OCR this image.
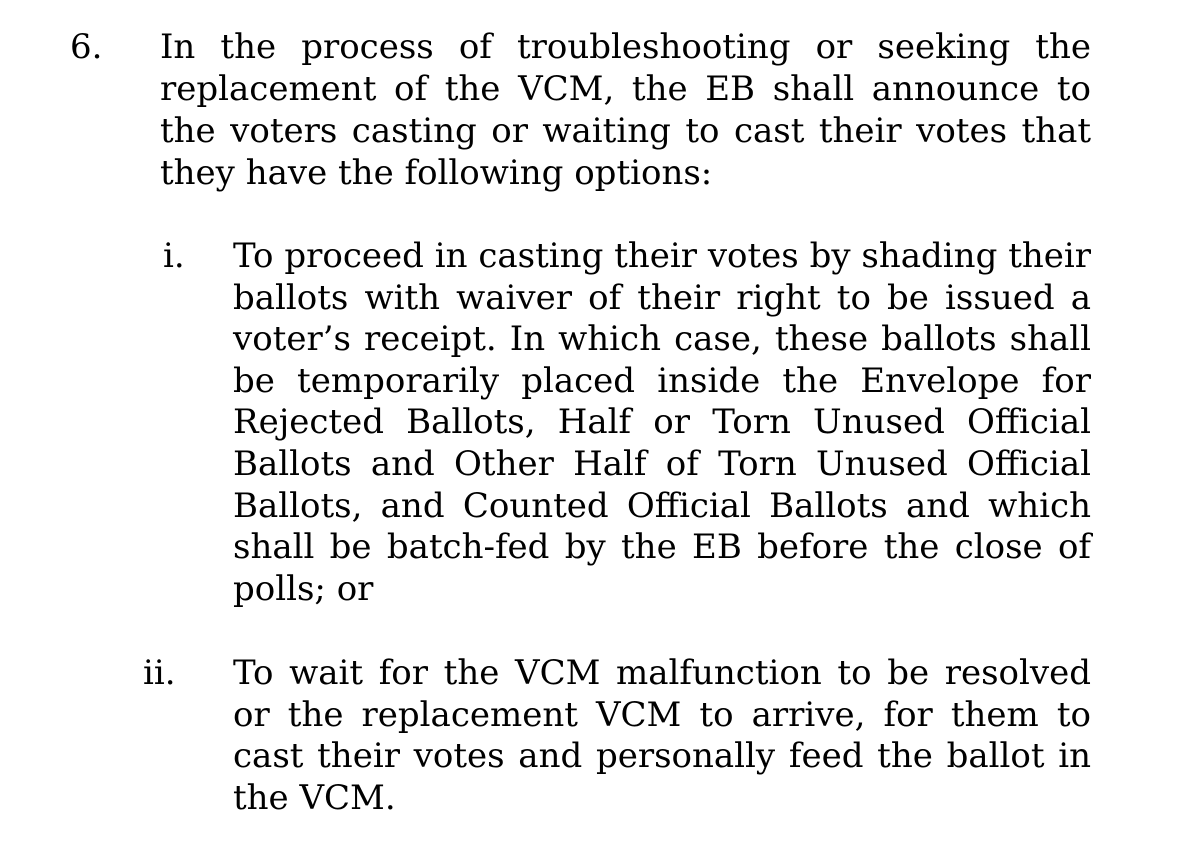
6. In the process of troubleshooting or seeking the replacement of the VCM, the EB shall announce to the voters casting or waiting to cast their votes that they have the following options:
i. To proceed in casting their votes by shading their ballots with waiver of their right to be issued a voter’s receipt. In which case, these ballots shall be temporarily placed inside the Envelope for Rejected Ballots, Half or Torn Unused Official Ballots and Other Half of Torn Unused Official Ballots, and Counted Official Ballots and which shall be batch-fed by the EB before the close of polls; or
ii. To wait for the VCM malfunction to be resolved or the replacement VCM to arrive, for them to cast their votes and personally feed the ballot in the VCM.
